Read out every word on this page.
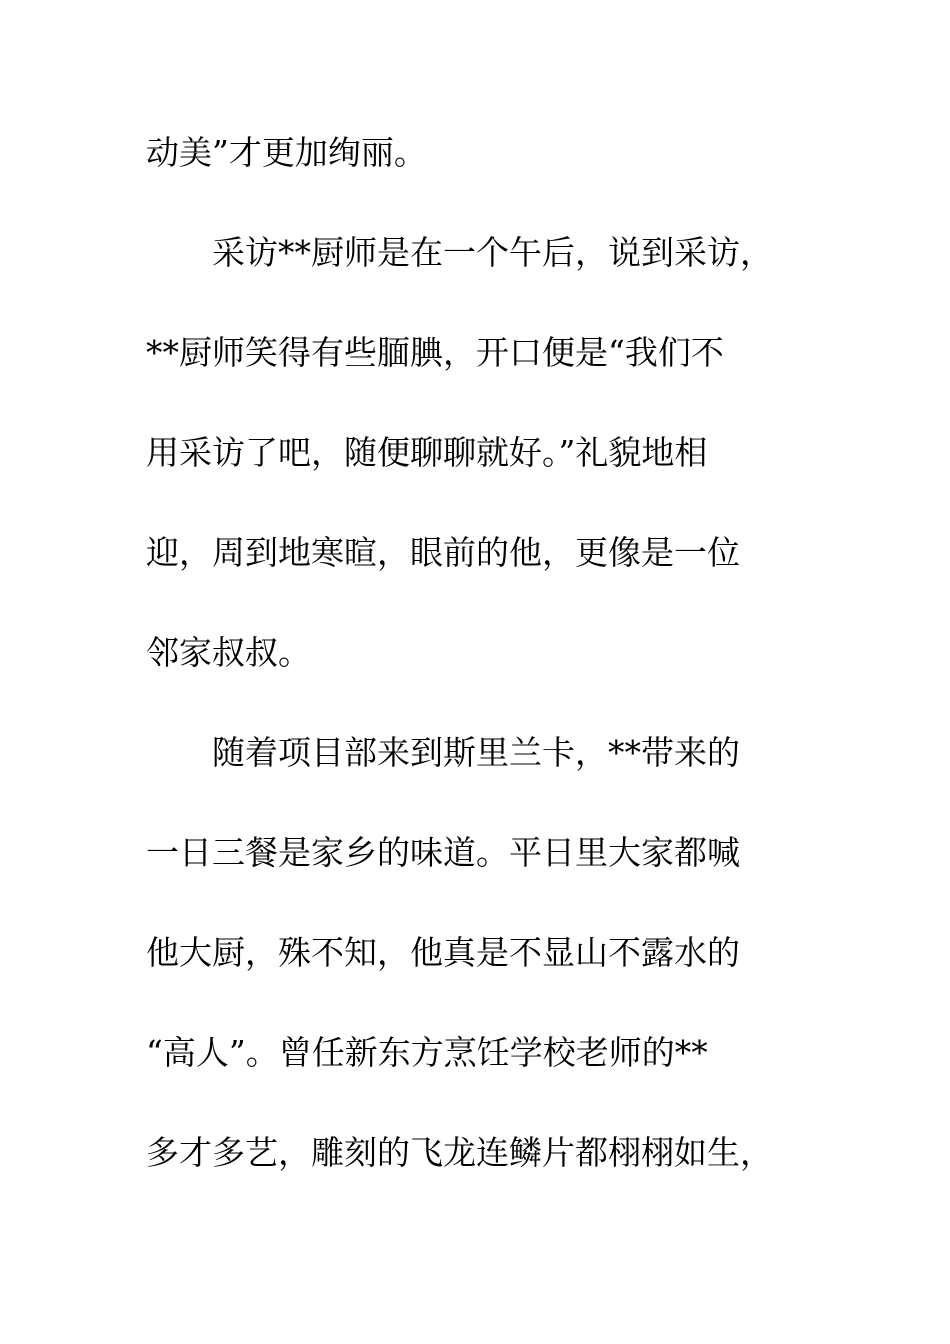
动美”才更加绚丽。
　　采访**厨师是在一个午后，说到采访，
**厨师笑得有些腼腆，开口便是“我们不
用采访了吧，随便聊聊就好。”礼貌地相
迎，周到地寒暄，眼前的他，更像是一位
邻家叔叔。
　　随着项目部来到斯里兰卡，**带来的
一日三餐是家乡的味道。平日里大家都喊
他大厨，殊不知，他真是不显山不露水的
“高人”。曾任新东方烹饪学校老师的**
多才多艺，雕刻的飞龙连鳞片都栩栩如生，
